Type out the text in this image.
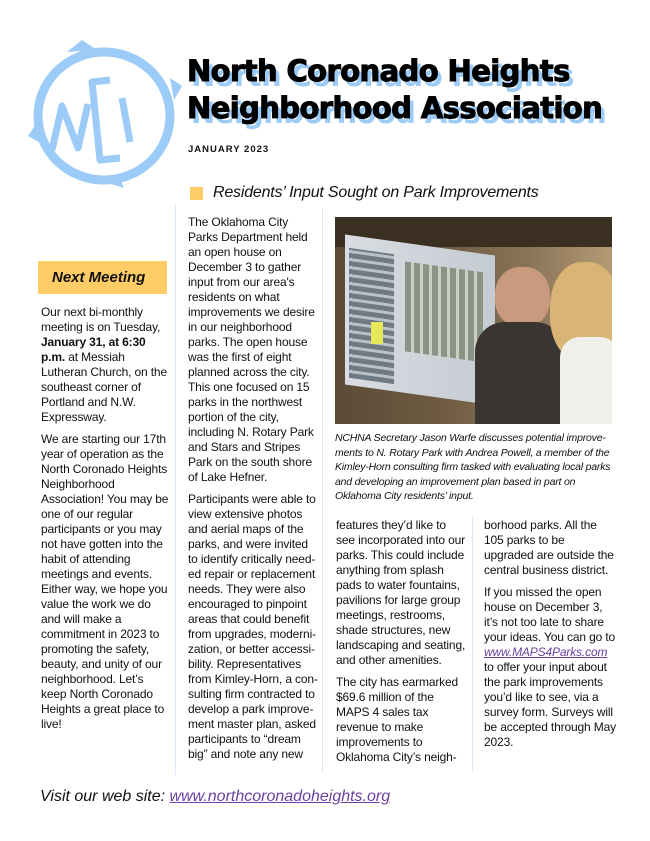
North Coronado Heights
Neighborhood Association
JANUARY 2023
Residents’ Input Sought on Park Improvements
Next Meeting

Our next bi-monthly meeting is on Tuesday, January 31, at 6:30 p.m. at Messiah Lutheran Church, on the southeast corner of Portland and N.W. Expressway.

We are starting our 17th year of operation as the North Coronado Heights Neighborhood Association! You may be one of our regular participants or you may not have gotten into the habit of attending meetings and events. Either way, we hope you value the work we do and will make a commitment in 2023 to promoting the safety, beauty, and unity of our neighborhood. Let’s keep North Coronado Heights a great place to live!

The Oklahoma City Parks Department held an open house on December 3 to gather input from our area's residents on what improvements we desire in our neighborhood parks. The open house was the first of eight planned across the city. This one focused on 15 parks in the northwest portion of the city, including N. Rotary Park and Stars and Stripes Park on the south shore of Lake Hefner.

Participants were able to view extensive photos and aerial maps of the parks, and were invited to identify critically needed repair or replacement needs. They were also encouraged to pinpoint areas that could benefit from upgrades, modernization, or better accessibility. Representatives from Kimley-Horn, a consulting firm contracted to develop a park improvement master plan, asked participants to “dream big” and note any new

NCHNA Secretary Jason Warfe discusses potential improvements to N. Rotary Park with Andrea Powell, a member of the Kimley-Horn consulting firm tasked with evaluating local parks and developing an improvement plan based in part on Oklahoma City residents’ input.

features they’d like to see incorporated into our parks. This could include anything from splash pads to water fountains, pavilions for large group meetings, restrooms, shade structures, new landscaping and seating, and other amenities.

The city has earmarked $69.6 million of the MAPS 4 sales tax revenue to make improvements to Oklahoma City’s neigh-

borhood parks. All the 105 parks to be upgraded are outside the central business district.

If you missed the open house on December 3, it’s not too late to share your ideas. You can go to www.MAPS4Parks.com to offer your input about the park improvements you’d like to see, via a survey form. Surveys will be accepted through May 2023.

Visit our web site: www.northcoronadoheights.org
